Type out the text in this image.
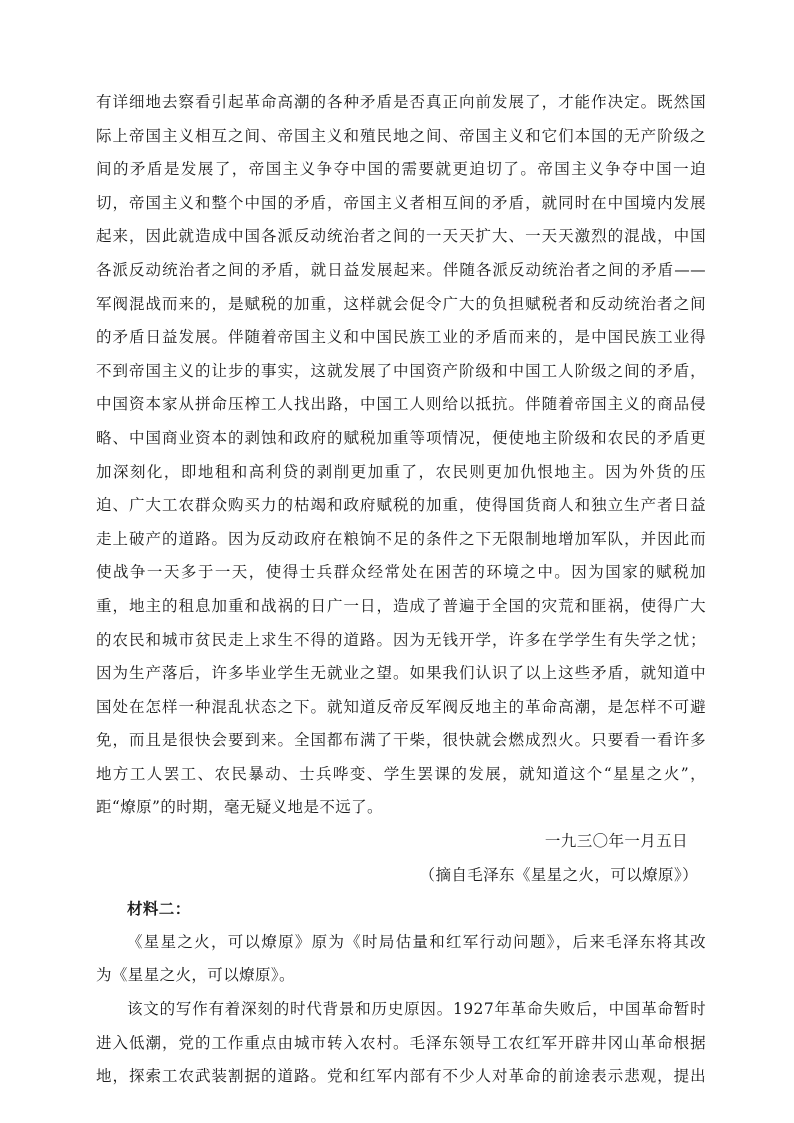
有详细地去察看引起革命高潮的各种矛盾是否真正向前发展了，才能作决定。既然国
际上帝国主义相互之间、帝国主义和殖民地之间、帝国主义和它们本国的无产阶级之
间的矛盾是发展了，帝国主义争夺中国的需要就更迫切了。帝国主义争夺中国一迫
切，帝国主义和整个中国的矛盾，帝国主义者相互间的矛盾，就同时在中国境内发展
起来，因此就造成中国各派反动统治者之间的一天天扩大、一天天激烈的混战，中国
各派反动统治者之间的矛盾，就日益发展起来。伴随各派反动统治者之间的矛盾——
军阀混战而来的，是赋税的加重，这样就会促令广大的负担赋税者和反动统治者之间
的矛盾日益发展。伴随着帝国主义和中国民族工业的矛盾而来的，是中国民族工业得
不到帝国主义的让步的事实，这就发展了中国资产阶级和中国工人阶级之间的矛盾，
中国资本家从拼命压榨工人找出路，中国工人则给以抵抗。伴随着帝国主义的商品侵
略、中国商业资本的剥蚀和政府的赋税加重等项情况，便使地主阶级和农民的矛盾更
加深刻化，即地租和高利贷的剥削更加重了，农民则更加仇恨地主。因为外货的压
迫、广大工农群众购买力的枯竭和政府赋税的加重，使得国货商人和独立生产者日益
走上破产的道路。因为反动政府在粮饷不足的条件之下无限制地增加军队，并因此而
使战争一天多于一天，使得士兵群众经常处在困苦的环境之中。因为国家的赋税加
重，地主的租息加重和战祸的日广一日，造成了普遍于全国的灾荒和匪祸，使得广大
的农民和城市贫民走上求生不得的道路。因为无钱开学，许多在学学生有失学之忧；
因为生产落后，许多毕业学生无就业之望。如果我们认识了以上这些矛盾，就知道中
国处在怎样一种混乱状态之下。就知道反帝反军阀反地主的革命高潮，是怎样不可避
免，而且是很快会要到来。全国都布满了干柴，很快就会燃成烈火。只要看一看许多
地方工人罢工、农民暴动、士兵哗变、学生罢课的发展，就知道这个“星星之火”，
距“燎原”的时期，毫无疑义地是不远了。
一九三〇年一月五日
（摘自毛泽东《星星之火，可以燎原》）
材料二：
《星星之火，可以燎原》原为《时局估量和红军行动问题》，后来毛泽东将其改
为《星星之火，可以燎原》。
该文的写作有着深刻的时代背景和历史原因。1927年革命失败后，中国革命暂时
进入低潮，党的工作重点由城市转入农村。毛泽东领导工农红军开辟井冈山革命根据
地，探索工农武装割据的道路。党和红军内部有不少人对革命的前途表示悲观，提出
